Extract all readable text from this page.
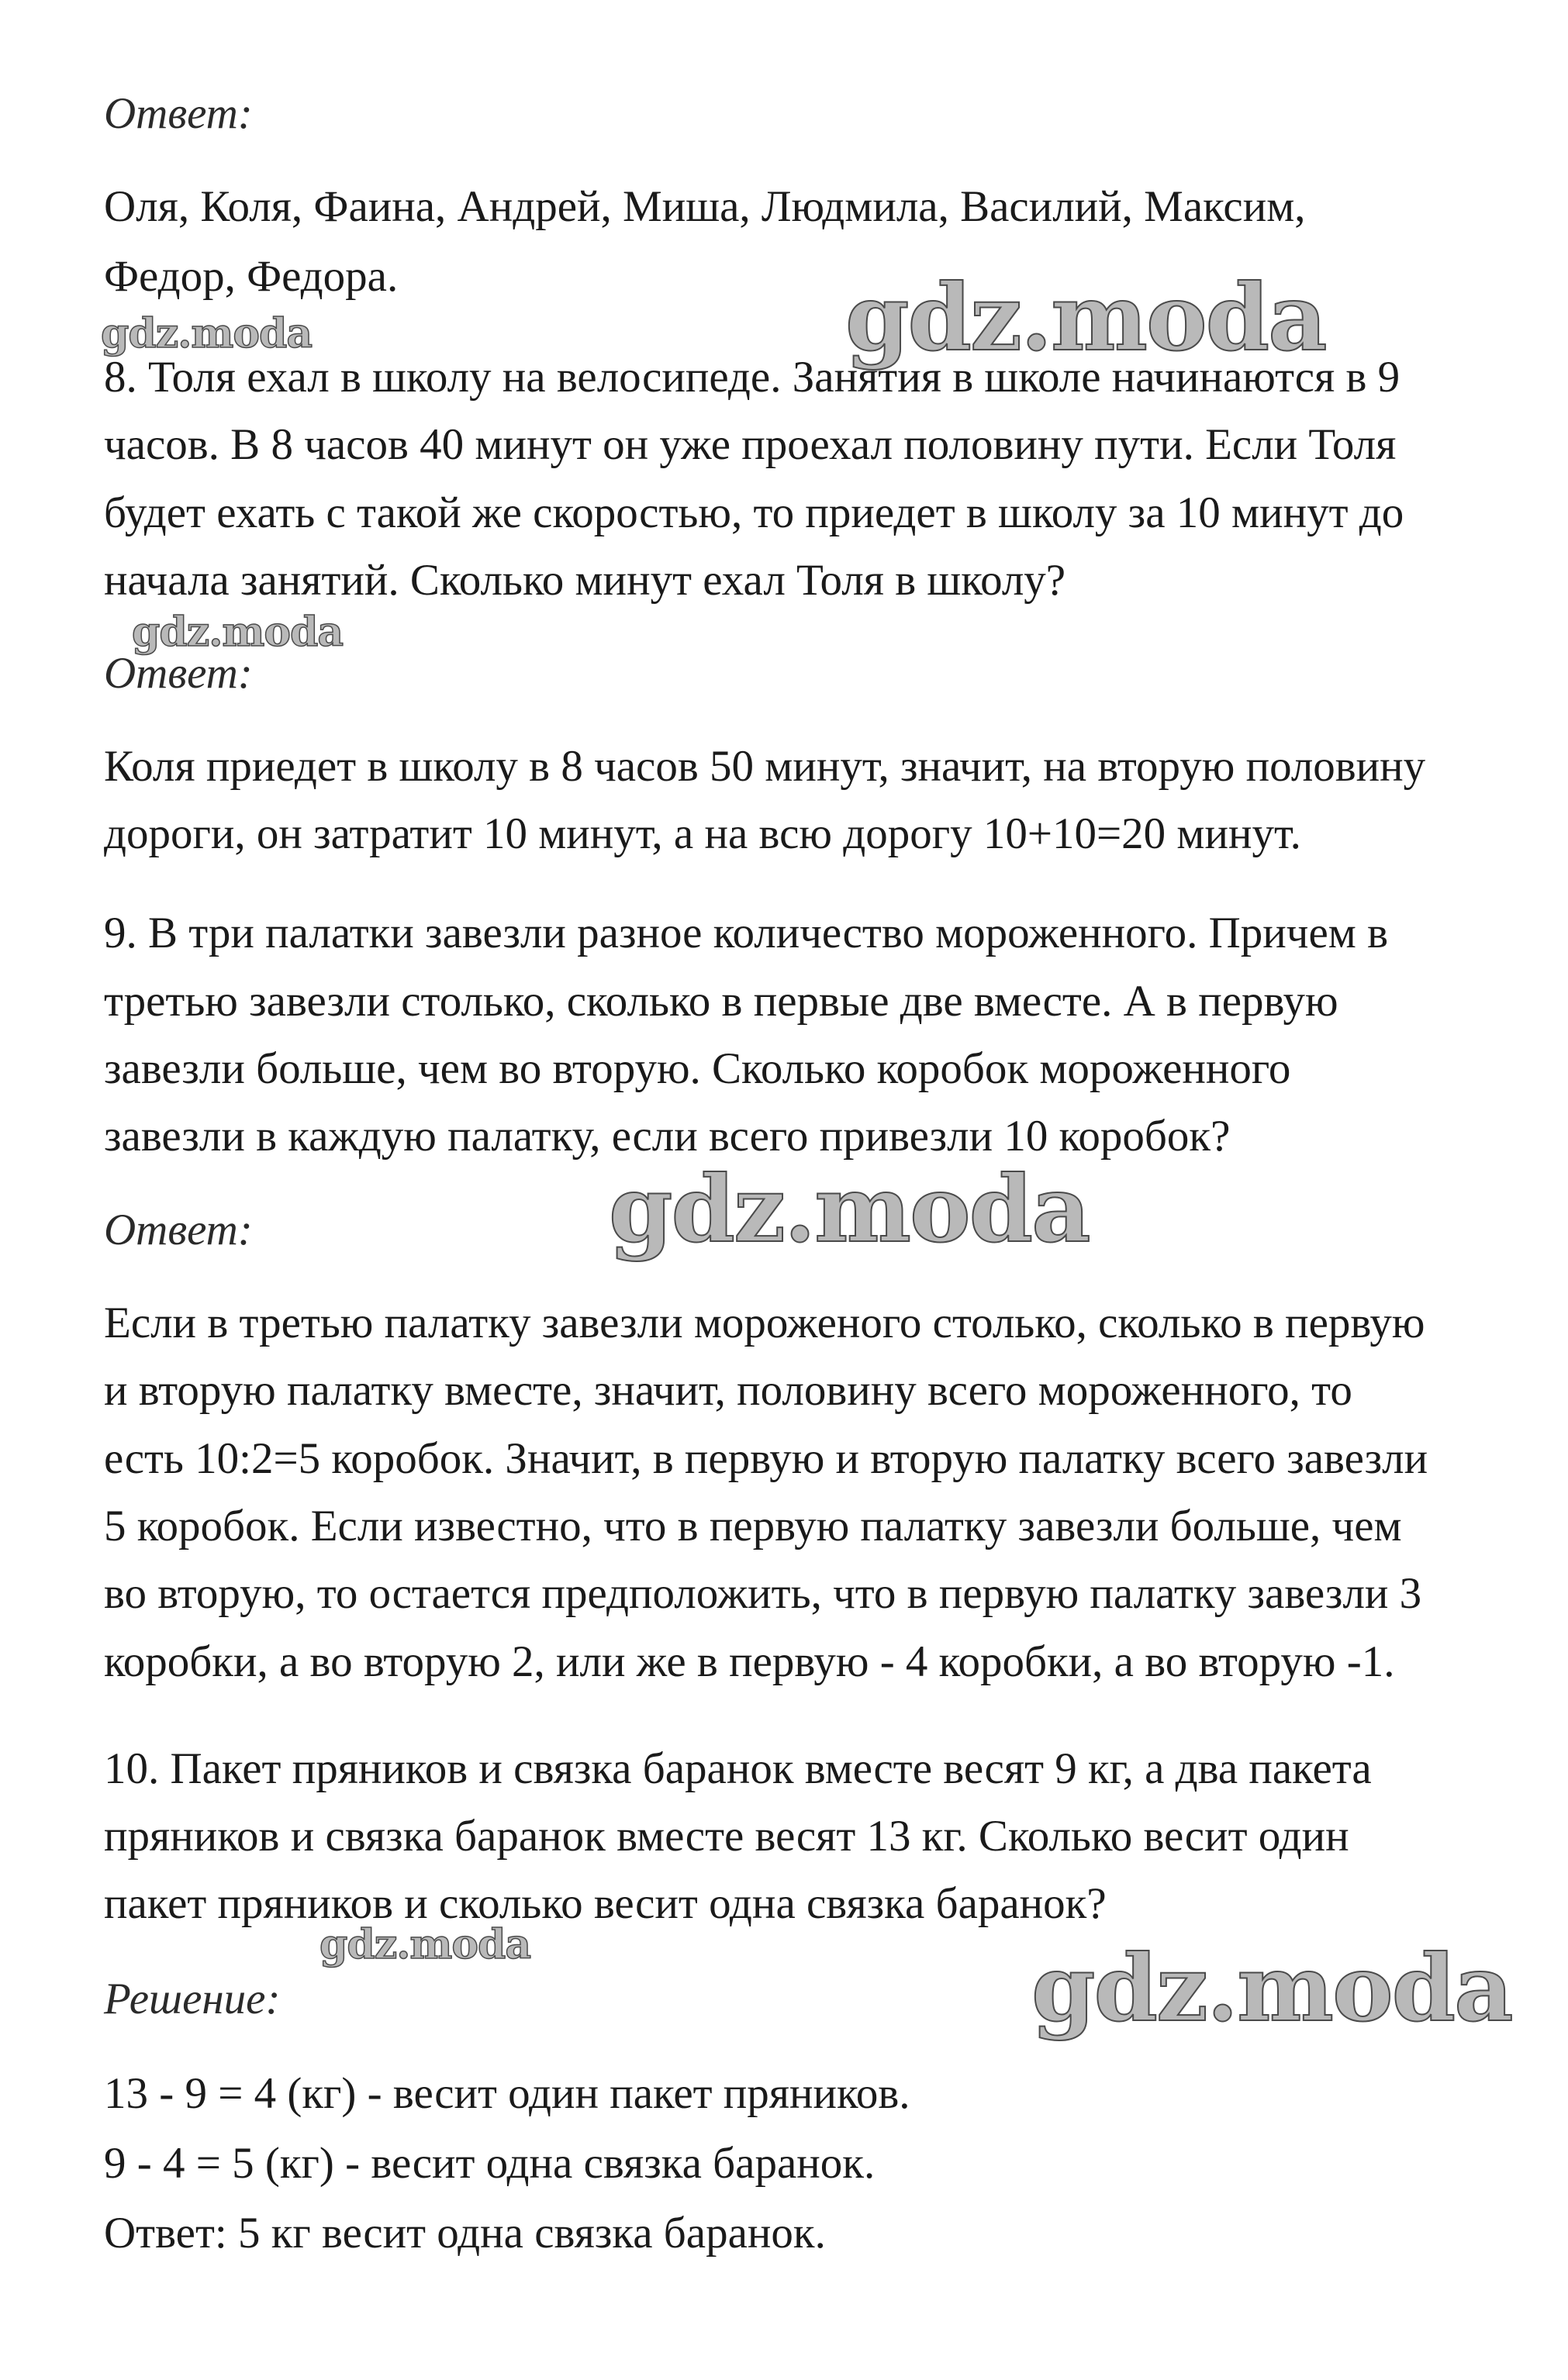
Ответ:
Оля, Коля, Фаина, Андрей, Миша, Людмила, Василий, Максим,
Федор, Федора.
8. Толя ехал в школу на велосипеде. Занятия в школе начинаются в 9
часов. В 8 часов 40 минут он уже проехал половину пути. Если Толя
будет ехать с такой же скоростью, то приедет в школу за 10 минут до
начала занятий. Сколько минут ехал Толя в школу?
Ответ:
Коля приедет в школу в 8 часов 50 минут, значит, на вторую половину
дороги, он затратит 10 минут, а на всю дорогу 10+10=20 минут.
9. В три палатки завезли разное количество мороженного. Причем в
третью завезли столько, сколько в первые две вместе. А в первую
завезли больше, чем во вторую. Сколько коробок мороженного
завезли в каждую палатку, если всего привезли 10 коробок?
Ответ:
Если в третью палатку завезли мороженого столько, сколько в первую
и вторую палатку вместе, значит, половину всего мороженного, то
есть 10:2=5 коробок. Значит, в первую и вторую палатку всего завезли
5 коробок. Если известно, что в первую палатку завезли больше, чем
во вторую, то остается предположить, что в первую палатку завезли 3
коробки, а во вторую 2, или же в первую - 4 коробки, а во вторую -1.
10. Пакет пряников и связка баранок вместе весят 9 кг, а два пакета
пряников и связка баранок вместе весят 13 кг. Сколько весит один
пакет пряников и сколько весит одна связка баранок?
Решение:
13 - 9 = 4 (кг) - весит один пакет пряников.
9 - 4 = 5 (кг) - весит одна связка баранок.
Ответ: 5 кг весит одна связка баранок.
gdz.moda
gdz.moda
gdz.moda
gdz.moda
gdz.moda	gdz.moda
